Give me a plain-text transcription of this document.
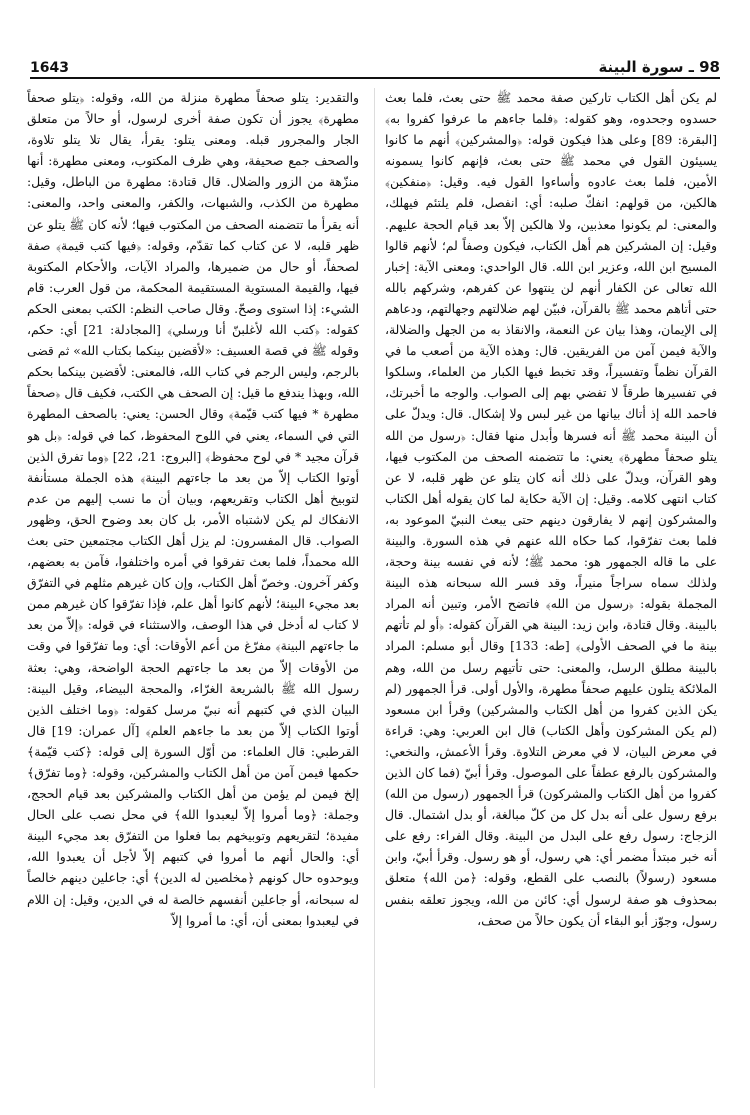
1643	98 ـ سورة البينة

لم يكن أهل الكتاب تاركين صفة محمد ﷺ حتى بعث، فلما بعث حسدوه وجحدوه، وهو كقوله: ﴿فلما جاءهم ما عرفوا كفروا به﴾ [البقرة: 89] وعلى هذا فيكون قوله: ﴿والمشركين﴾ أنهم ما كانوا يسيئون القول في محمد ﷺ حتى بعث، فإنهم كانوا يسمونه الأمين، فلما بعث عادوه وأساءوا القول فيه. وقيل: ﴿منفكين﴾ هالكين، من قولهم: انفكّ صلبه: أي: انفصل، فلم يلتئم فيهلك، والمعنى: لم يكونوا معذبين، ولا هالكين إلاّ بعد قيام الحجة عليهم. وقيل: إن المشركين هم أهل الكتاب، فيكون وصفاً لم؛ لأنهم قالوا المسيح ابن الله، وعزير ابن الله. قال الواحدي: ومعنى الآية: إخبار الله تعالى عن الكفار أنهم لن ينتهوا عن كفرهم، وشركهم بالله حتى أتاهم محمد ﷺ بالقرآن، فبيّن لهم ضلالتهم وجهالتهم، ودعاهم إلى الإيمان، وهذا بيان عن النعمة، والانقاذ به من الجهل والضلالة، والآية فيمن آمن من الفريقين. قال: وهذه الآية من أصعب ما في القرآن نظماً وتفسيراً، وقد تخبط فيها الكبار من العلماء، وسلكوا في تفسيرها طرقاً لا تفضي بهم إلى الصواب. والوجه ما أخبرتك، فاحمد الله إذ أتاك بيانها من غير لبس ولا إشكال. قال: ويدلّ على أن البينة محمد ﷺ أنه فسرها وأبدل منها فقال: ﴿رسول من الله يتلو صحفاً مطهرة﴾ يعني: ما تتضمنه الصحف من المكتوب فيها، وهو القرآن، ويدلّ على ذلك أنه كان يتلو عن ظهر قلبه، لا عن كتاب انتهى كلامه. وقيل: إن الآية حكاية لما كان يقوله أهل الكتاب والمشركون إنهم لا يفارقون دينهم حتى يبعث النبيّ الموعود به، فلما بعث تفرّقوا، كما حكاه الله عنهم في هذه السورة. والبينة على ما قاله الجمهور هو: محمد ﷺ؛ لأنه في نفسه بينة وحجة، ولذلك سماه سراجاً منيراً، وقد فسر الله سبحانه هذه البينة المجملة بقوله: ﴿رسول من الله﴾ فاتضح الأمر، وتبين أنه المراد بالبينة. وقال قتادة، وابن زيد: البينة هي القرآن كقوله: ﴿أو لم تأتهم بينة ما في الصحف الأولى﴾ [طه: 133] وقال أبو مسلم: المراد بالبينة مطلق الرسل، والمعنى: حتى تأتيهم رسل من الله، وهم الملائكة يتلون عليهم صحفاً مطهرة، والأول أولى. قرأ الجمهور (لم يكن الذين كفروا من أهل الكتاب والمشركين) وقرأ ابن مسعود (لم يكن المشركون وأهل الكتاب) قال ابن العربي: وهي: قراءة في معرض البيان، لا في معرض التلاوة. وقرأ الأعمش، والنخعي: والمشركون بالرفع عطفاً على الموصول. وقرأ أبيّ (فما كان الذين كفروا من أهل الكتاب والمشركون) قرأ الجمهور (رسول من الله) برفع رسول على أنه بدل كل من كلّ مبالغة، أو بدل اشتمال. قال الزجاج: رسول رفع على البدل من البينة. وقال الفراء: رفع على أنه خبر مبتدأ مضمر أي: هي رسول، أو هو رسول. وقرأ أبيّ، وابن مسعود (رسولاً) بالنصب على القطع، وقوله: ﴿من الله﴾ متعلق بمحذوف هو صفة لرسول أي: كائن من الله، ويجوز تعلقه بنفس رسول، وجوّز أبو البقاء أن يكون حالاً من صحف،

والتقدير: يتلو صحفاً مطهرة منزلة من الله، وقوله: ﴿يتلو صحفاً مطهرة﴾ يجوز أن تكون صفة أخرى لرسول، أو حالاً من متعلق الجار والمجرور قبله. ومعنى يتلو: يقرأ، يقال تلا يتلو تلاوة، والصحف جمع صحيفة، وهي ظرف المكتوب، ومعنى مطهرة: أنها منزّهة من الزور والضلال. قال قتادة: مطهرة من الباطل، وقيل: مطهرة من الكذب، والشبهات، والكفر، والمعنى واحد، والمعنى: أنه يقرأ ما تتضمنه الصحف من المكتوب فيها؛ لأنه كان ﷺ يتلو عن ظهر قلبه، لا عن كتاب كما تقدّم، وقوله: ﴿فيها كتب قيمة﴾ صفة لصحفاً، أو حال من ضميرها، والمراد الآيات، والأحكام المكتوبة فيها، والقيمة المستوية المستقيمة المحكمة، من قول العرب: قام الشيء: إذا استوى وصحّ. وقال صاحب النظم: الكتب بمعنى الحكم كقوله: ﴿كتب الله لأغلبنّ أنا ورسلي﴾ [المجادلة: 21] أي: حكم، وقوله ﷺ في قصة العسيف: «لأقضين بينكما بكتاب الله» ثم قضى بالرجم، وليس الرجم في كتاب الله، فالمعنى: لأقضين بينكما بحكم الله، وبهذا يندفع ما قيل: إن الصحف هي الكتب، فكيف قال ﴿صحفاً مطهرة * فيها كتب قيّمة﴾ وقال الحسن: يعني: بالصحف المطهرة التي في السماء، يعني في اللوح المحفوظ، كما في قوله: ﴿بل هو قرآن مجيد * في لوح محفوظ﴾ [البروج: 21، 22] ﴿وما تفرق الذين أوتوا الكتاب إلاّ من بعد ما جاءتهم البينة﴾ هذه الجملة مستأنفة لتوبيخ أهل الكتاب وتقريعهم، وبيان أن ما نسب إليهم من عدم الانفكاك لم يكن لاشتباه الأمر، بل كان بعد وضوح الحق، وظهور الصواب. قال المفسرون: لم يزل أهل الكتاب مجتمعين حتى بعث الله محمداً، فلما بعث تفرقوا في أمره واختلفوا، فآمن به بعضهم، وكفر آخرون. وخصّ أهل الكتاب، وإن كان غيرهم مثلهم في التفرّق بعد مجيء البينة؛ لأنهم كانوا أهل علم، فإذا تفرّقوا كان غيرهم ممن لا كتاب له أدخل في هذا الوصف، والاستثناء في قوله: ﴿إلاّ من بعد ما جاءتهم البينة﴾ مفرّغ من أعم الأوقات: أي: وما تفرّقوا في وقت من الأوقات إلاّ من بعد ما جاءتهم الحجة الواضحة، وهي: بعثة رسول الله ﷺ بالشريعة الغرّاء، والمحجة البيضاء، وقيل البينة: البيان الذي في كتبهم أنه نبيّ مرسل كقوله: ﴿وما اختلف الذين أوتوا الكتاب إلاّ من بعد ما جاءهم العلم﴾ [آل عمران: 19] قال القرطبي: قال العلماء: من أوّل السورة إلى قوله: ﴿كتب قيّمة﴾ حكمها فيمن آمن من أهل الكتاب والمشركين، وقوله: ﴿وما تفرّق﴾ إلخ فيمن لم يؤمن من أهل الكتاب والمشركين بعد قيام الحجج، وجملة: ﴿وما أمروا إلاّ ليعبدوا الله﴾ في محل نصب على الحال مفيدة؛ لتقريعهم وتوبيخهم بما فعلوا من التفرّق بعد مجيء البينة أي: والحال أنهم ما أمروا في كتبهم إلاّ لأجل أن يعبدوا الله، ويوحدوه حال كونهم ﴿مخلصين له الدين﴾ أي: جاعلين دينهم خالصاً له سبحانه، أو جاعلين أنفسهم خالصة له في الدين، وقيل: إن اللام في ليعبدوا بمعنى أن، أي: ما أمروا إلاّ
